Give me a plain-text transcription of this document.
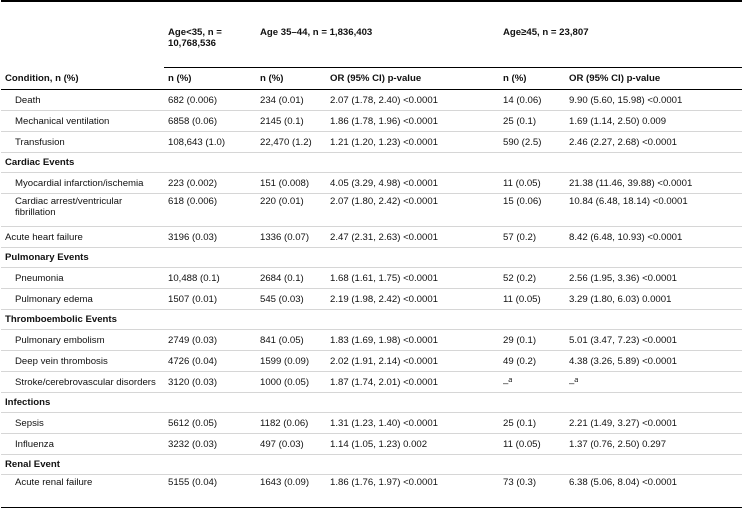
	Age<35, n = 10,768,536	Age 35–44, n = 1,836,403		Age≥45, n = 23,807	
Condition, n (%)	n (%)	n (%)	OR (95% CI) p-value	n (%)	OR (95% CI) p-value
Death	682 (0.006)	234 (0.01)	2.07 (1.78, 2.40) <0.0001	14 (0.06)	9.90 (5.60, 15.98) <0.0001
Mechanical ventilation	6858 (0.06)	2145 (0.1)	1.86 (1.78, 1.96) <0.0001	25 (0.1)	1.69 (1.14, 2.50) 0.009
Transfusion	108,643 (1.0)	22,470 (1.2)	1.21 (1.20, 1.23) <0.0001	590 (2.5)	2.46 (2.27, 2.68) <0.0001
Cardiac Events					
Myocardial infarction/ischemia	223 (0.002)	151 (0.008)	4.05 (3.29, 4.98) <0.0001	11 (0.05)	21.38 (11.46, 39.88) <0.0001
Cardiac arrest/ventricular fibrillation	618 (0.006)	220 (0.01)	2.07 (1.80, 2.42) <0.0001	15 (0.06)	10.84 (6.48, 18.14) <0.0001
Acute heart failure	3196 (0.03)	1336 (0.07)	2.47 (2.31, 2.63) <0.0001	57 (0.2)	8.42 (6.48, 10.93) <0.0001
Pulmonary Events					
Pneumonia	10,488 (0.1)	2684 (0.1)	1.68 (1.61, 1.75) <0.0001	52 (0.2)	2.56 (1.95, 3.36) <0.0001
Pulmonary edema	1507 (0.01)	545 (0.03)	2.19 (1.98, 2.42) <0.0001	11 (0.05)	3.29 (1.80, 6.03) 0.0001
Thromboembolic Events					
Pulmonary embolism	2749 (0.03)	841 (0.05)	1.83 (1.69, 1.98) <0.0001	29 (0.1)	5.01 (3.47, 7.23) <0.0001
Deep vein thrombosis	4726 (0.04)	1599 (0.09)	2.02 (1.91, 2.14) <0.0001	49 (0.2)	4.38 (3.26, 5.89) <0.0001
Stroke/cerebrovascular disorders	3120 (0.03)	1000 (0.05)	1.87 (1.74, 2.01) <0.0001	–$^a$	–$^a$
Infections					
Sepsis	5612 (0.05)	1182 (0.06)	1.31 (1.23, 1.40) <0.0001	25 (0.1)	2.21 (1.49, 3.27) <0.0001
Influenza	3232 (0.03)	497 (0.03)	1.14 (1.05, 1.23) 0.002	11 (0.05)	1.37 (0.76, 2.50) 0.297
Renal Event					
Acute renal failure	5155 (0.04)	1643 (0.09)	1.86 (1.76, 1.97) <0.0001	73 (0.3)	6.38 (5.06, 8.04) <0.0001
